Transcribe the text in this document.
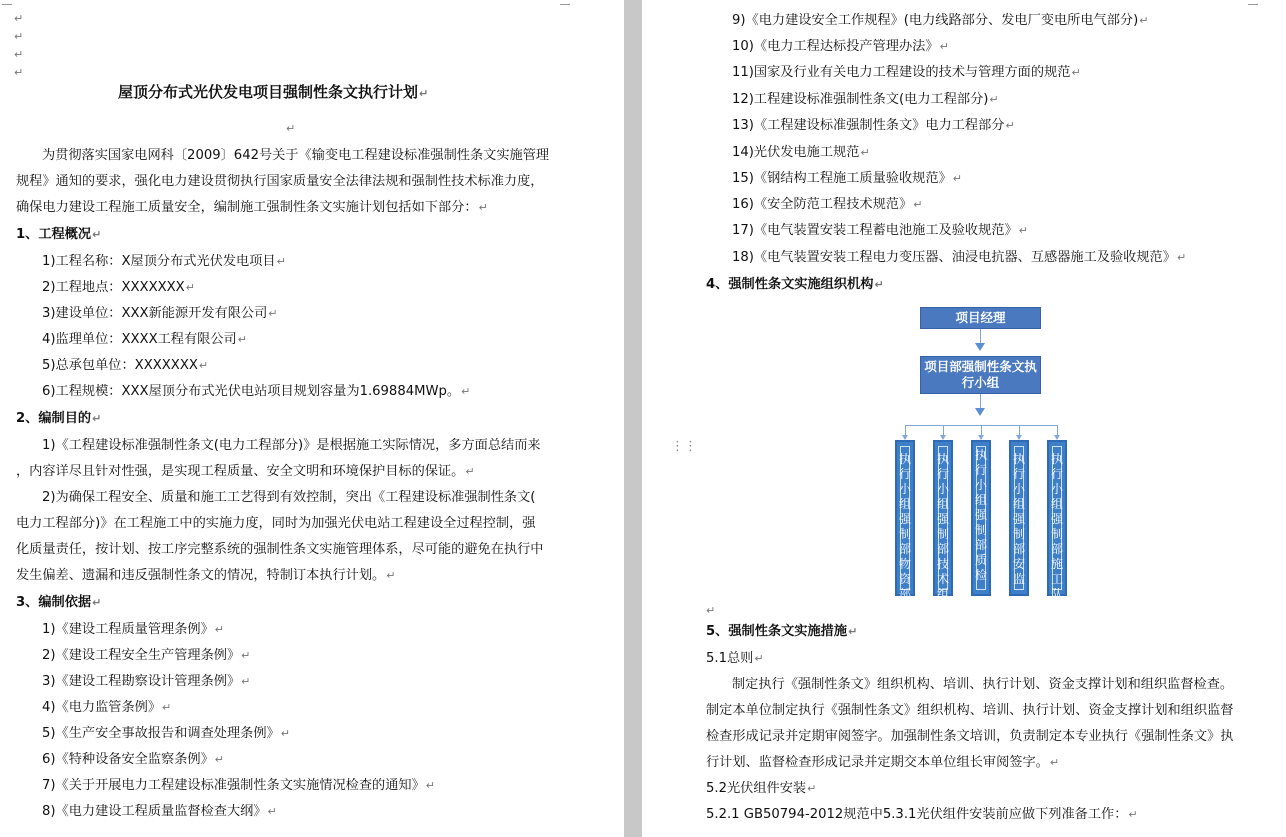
↵
↵
↵
↵
屋顶分布式光伏发电项目强制性条文执行计划↵
↵
为贯彻落实国家电网科〔2009〕642号关于《输变电工程建设标准强制性条文实施管理
规程》通知的要求，强化电力建设贯彻执行国家质量安全法律法规和强制性技术标准力度，
确保电力建设工程施工质量安全，编制施工强制性条文实施计划包括如下部分：↵
1、工程概况↵
1)工程名称：X屋顶分布式光伏发电项目↵
2)工程地点：XXXXXXX↵
3)建设单位：XXX新能源开发有限公司↵
4)监理单位：XXXX工程有限公司↵
5)总承包单位：XXXXXXX↵
6)工程规模：XXX屋顶分布式光伏电站项目规划容量为1.69884MWp。↵
2、编制目的↵
1)《工程建设标准强制性条文(电力工程部分)》是根据施工实际情况，多方面总结而来
，内容详尽且针对性强，是实现工程质量、安全文明和环境保护目标的保证。↵
2)为确保工程安全、质量和施工工艺得到有效控制，突出《工程建设标准强制性条文(
电力工程部分)》在工程施工中的实施力度，同时为加强光伏电站工程建设全过程控制，强
化质量责任，按计划、按工序完整系统的强制性条文实施管理体系，尽可能的避免在执行中
发生偏差、遗漏和违反强制性条文的情况，特制订本执行计划。↵
3、编制依据↵
1)《建设工程质量管理条例》↵
2)《建设工程安全生产管理条例》↵
3)《建设工程勘察设计管理条例》↵
4)《电力监管条例》↵
5)《生产安全事故报告和调查处理条例》↵
6)《特种设备安全监察条例》↵
7)《关于开展电力工程建设标准强制性条文实施情况检查的通知》↵
8)《电力建设工程质量监督检查大纲》↵
9)《电力建设安全工作规程》(电力线路部分、发电厂变电所电气部分)↵
10)《电力工程达标投产管理办法》↵
11)国家及行业有关电力工程建设的技术与管理方面的规范↵
12)工程建设标准强制性条文(电力工程部分)↵
13)《工程建设标准强制性条文》电力工程部分↵
14)光伏发电施工规范↵
15)《钢结构工程施工质量验收规范》↵
16)《安全防范工程技术规范》↵
17)《电气装置安装工程蓄电池施工及验收规范》↵
18)《电气装置安装工程电力变压器、油浸电抗器、互感器施工及验收规范》↵
4、强制性条文实施组织机构↵
项目经理
项目部强制性条文执行小组
执行小组强制部物资部
执行小组强制部技术组
执行小组强制部质检
执行小组强制部安监
执行小组强制部施工队
↵
5、强制性条文实施措施↵
5.1总则↵
制定执行《强制性条文》组织机构、培训、执行计划、资金支撑计划和组织监督检查。
制定本单位制定执行《强制性条文》组织机构、培训、执行计划、资金支撑计划和组织监督
检查形成记录并定期审阅签字。加强制性条文培训，负责制定本专业执行《强制性条文》执
行计划、监督检查形成记录并定期交本单位组长审阅签字。↵
5.2光伏组件安装↵
5.2.1 GB50794-2012规范中5.3.1光伏组件安装前应做下列准备工作：↵
⋮⋮
